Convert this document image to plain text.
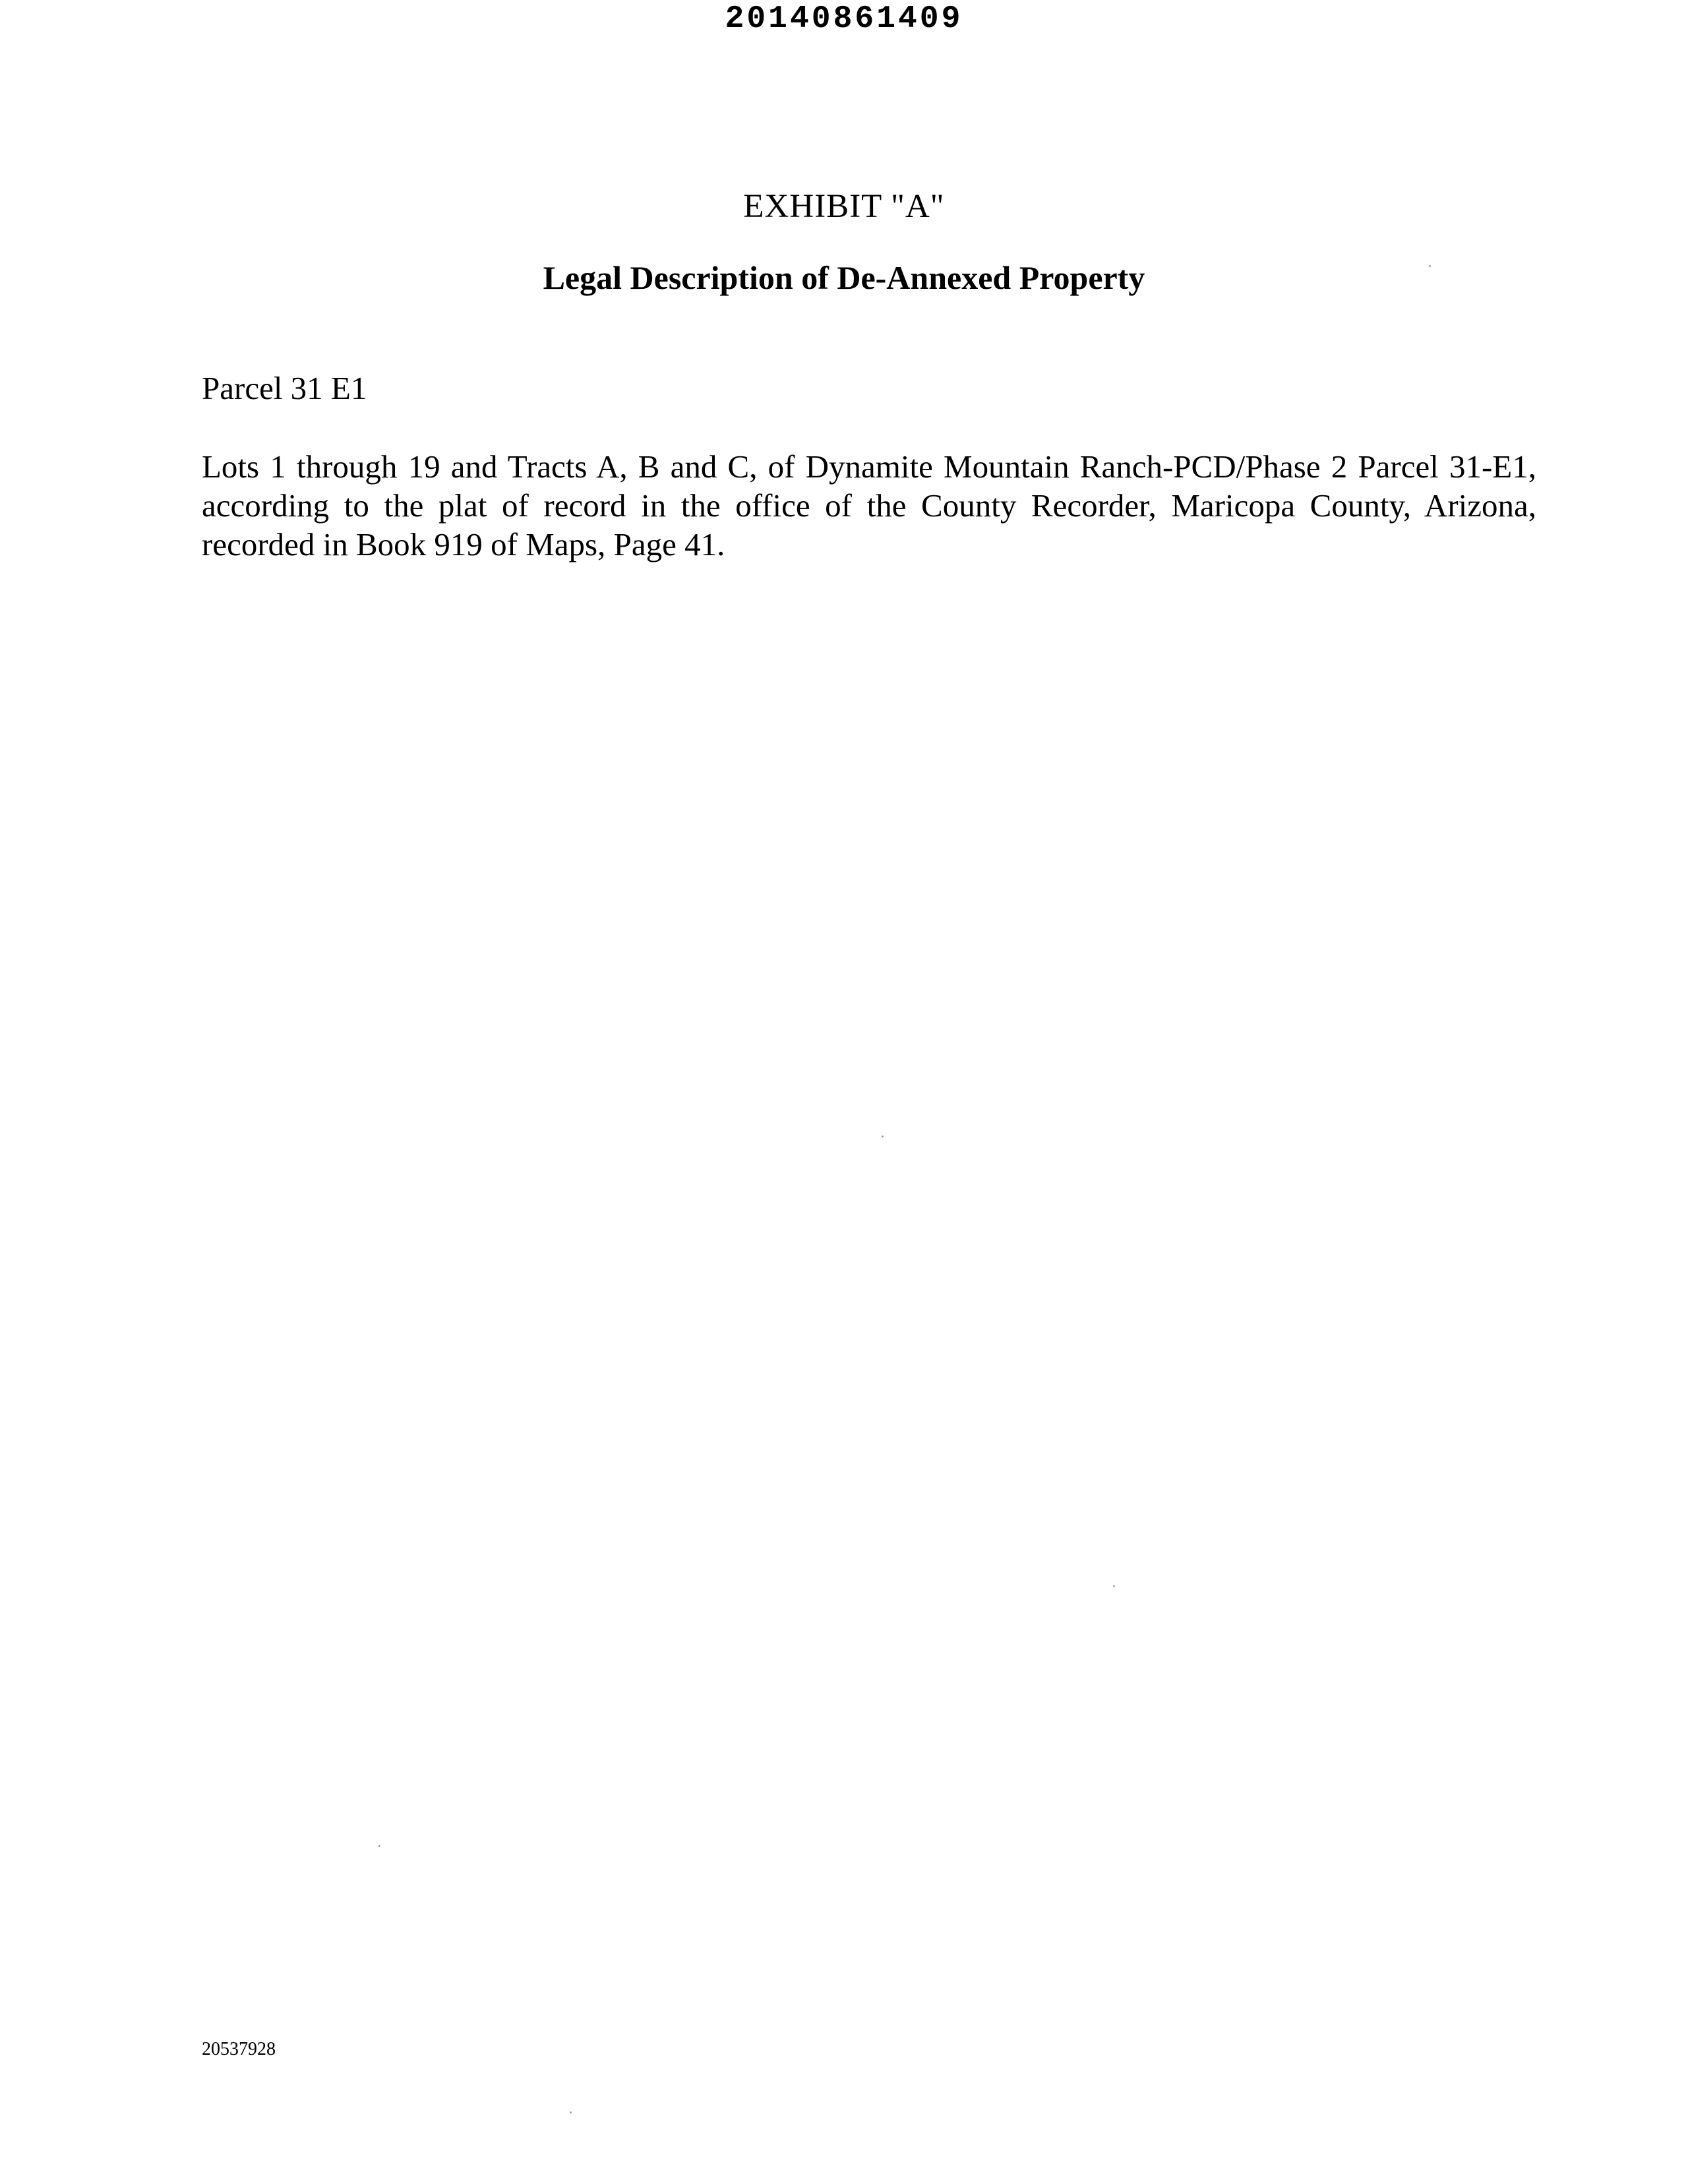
20140861409
EXHIBIT "A"
Legal Description of De-Annexed Property
Parcel 31 E1
Lots 1 through 19 and Tracts A, B and C, of Dynamite Mountain Ranch-PCD/Phase 2 Parcel 31-E1,
according to the plat of record in the office of the County Recorder, Maricopa County, Arizona,
recorded in Book 919 of Maps, Page 41.
20537928
